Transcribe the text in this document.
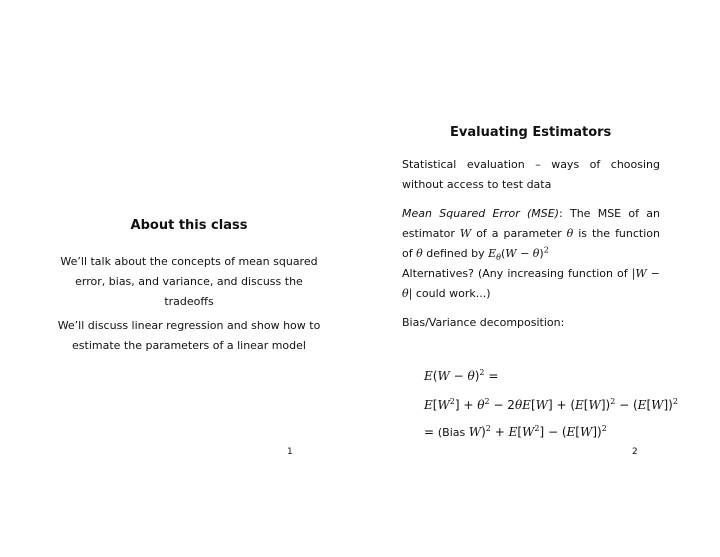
About this class
We’ll talk about the concepts of mean squared error, bias, and variance, and discuss the tradeoffs
We’ll discuss linear regression and show how to estimate the parameters of a linear model
1
Evaluating Estimators
Statistical evaluation – ways of choosing without access to test data
Mean Squared Error (MSE): The MSE of an estimator W of a parameter θ is the function of θ defined by $E_\theta(W - \theta)^2$
Alternatives? (Any increasing function of |W − θ| could work...)
Bias/Variance decomposition:
$E(W - \theta)^2$ =
$E[W^2] + \theta^2 - 2\theta E[W] + (E[W])^2 - (E[W])^2$
= (Bias $W)^2 + E[W^2] - (E[W])^2$
2
